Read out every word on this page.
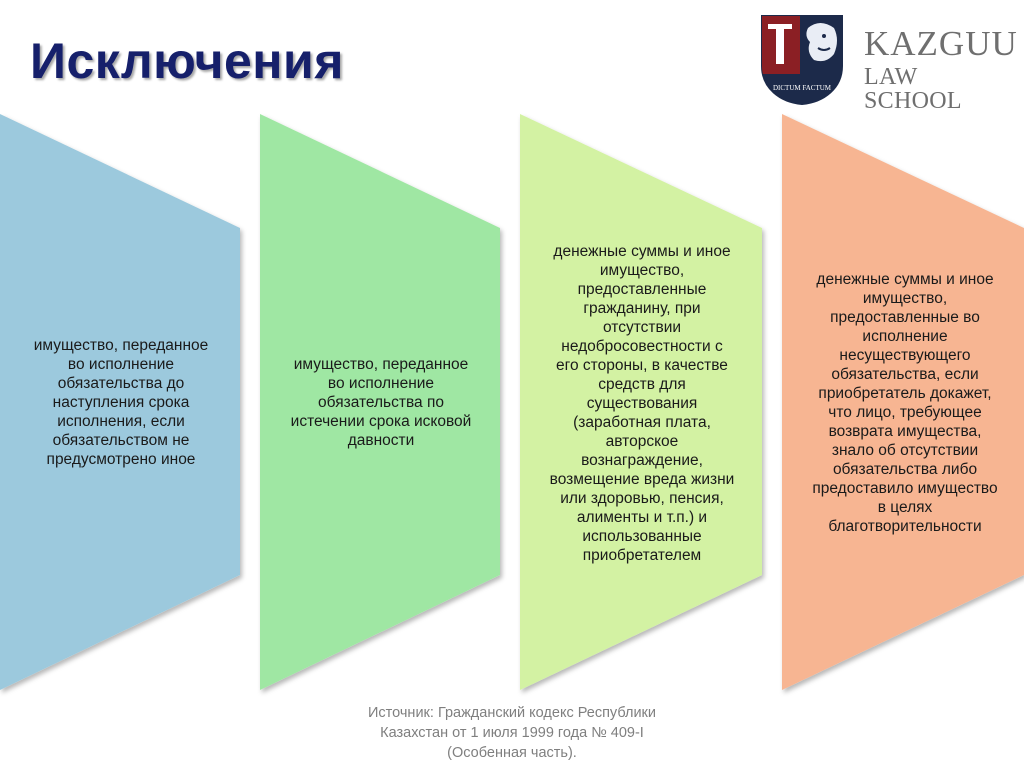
Исключения	DICTUM FACTUM
KAZGUU
LAW SCHOOL

имущество, переданное
во исполнение
обязательства до
наступления срока
исполнения, если
обязательством не
предусмотрено иное

имущество, переданное
во исполнение
обязательства по
истечении срока исковой
давности

денежные суммы и иное
имущество,
предоставленные
гражданину, при
отсутствии
недобросовестности с
его стороны, в качестве
средств для
существования
(заработная плата,
авторское
вознаграждение,
возмещение вреда жизни
или здоровью, пенсия,
алименты и т.п.) и
использованные
приобретателем

денежные суммы и иное
имущество,
предоставленные во
исполнение
несуществующего
обязательства, если
приобретатель докажет,
что лицо, требующее
возврата имущества,
знало об отсутствии
обязательства либо
предоставило имущество
в целях
благотворительности

Источник: Гражданский кодекс Республики
Казахстан от 1 июля 1999 года № 409-I
(Особенная часть).
